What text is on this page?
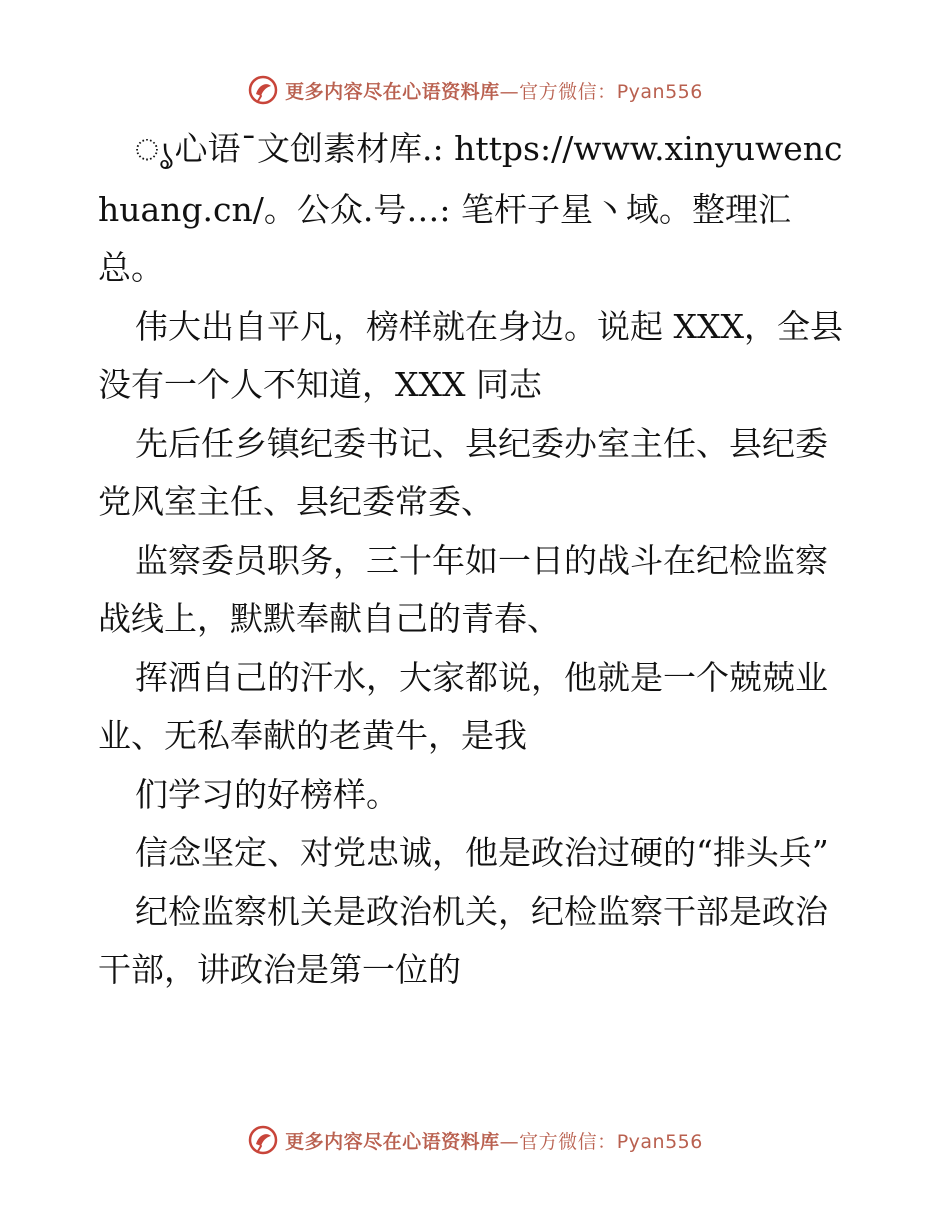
更多内容尽在心语资料库—官方微信：Pyan556

ൃ心语¯文创素材库.: https://www.xinyuwenchuang.cn/。公众.号…: 笔杆子星丶域。整理汇总。

伟大出自平凡，榜样就在身边。说起 XXX，全县没有一个人不知道，XXX 同志

先后任乡镇纪委书记、县纪委办室主任、县纪委党风室主任、县纪委常委、

监察委员职务，三十年如一日的战斗在纪检监察战线上，默默奉献自己的青春、

挥洒自己的汗水，大家都说，他就是一个兢兢业业、无私奉献的老黄牛，是我

们学习的好榜样。

信念坚定、对党忠诚，他是政治过硬的“排头兵”

纪检监察机关是政治机关，纪检监察干部是政治干部，讲政治是第一位的

更多内容尽在心语资料库—官方微信：Pyan556
